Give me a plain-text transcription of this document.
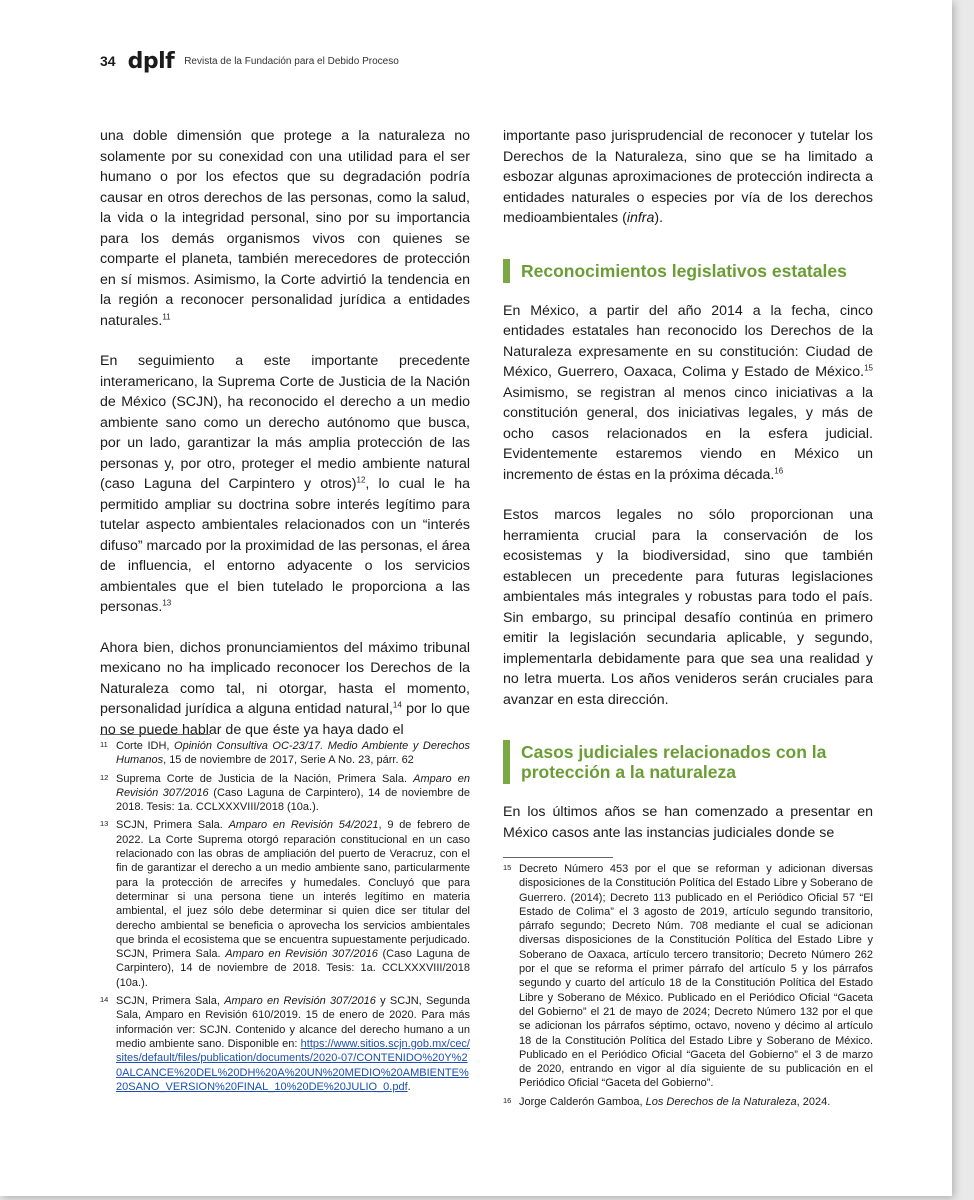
34 dplf Revista de la Fundación para el Debido Proceso

una doble dimensión que protege a la naturaleza no solamente por su conexidad con una utilidad para el ser humano o por los efectos que su degradación podría causar en otros derechos de las personas, como la salud, la vida o la integridad personal, sino por su importancia para los demás organismos vivos con quienes se comparte el planeta, también merecedores de protección en sí mismos. Asimismo, la Corte advirtió la tendencia en la región a reconocer personalidad jurídica a entidades naturales.$^{11}$

En seguimiento a este importante precedente interamericano, la Suprema Corte de Justicia de la Nación de México (SCJN), ha reconocido el derecho a un medio ambiente sano como un derecho autónomo que busca, por un lado, garantizar la más amplia protección de las personas y, por otro, proteger el medio ambiente natural (caso Laguna del Carpintero y otros)$^{12}$, lo cual le ha permitido ampliar su doctrina sobre interés legítimo para tutelar aspecto ambientales relacionados con un “interés difuso” marcado por la proximidad de las personas, el área de influencia, el entorno adyacente o los servicios ambientales que el bien tutelado le proporciona a las personas.$^{13}$

Ahora bien, dichos pronunciamientos del máximo tribunal mexicano no ha implicado reconocer los Derechos de la Naturaleza como tal, ni otorgar, hasta el momento, personalidad jurídica a alguna entidad natural,$^{14}$ por lo que no se puede hablar de que éste ya haya dado el

importante paso jurisprudencial de reconocer y tutelar los Derechos de la Naturaleza, sino que se ha limitado a esbozar algunas aproximaciones de protección indirecta a entidades naturales o especies por vía de los derechos medioambientales (infra).

Reconocimientos legislativos estatales

En México, a partir del año 2014 a la fecha, cinco entidades estatales han reconocido los Derechos de la Naturaleza expresamente en su constitución: Ciudad de México, Guerrero, Oaxaca, Colima y Estado de México.$^{15}$ Asimismo, se registran al menos cinco iniciativas a la constitución general, dos iniciativas legales, y más de ocho casos relacionados en la esfera judicial. Evidentemente estaremos viendo en México un incremento de éstas en la próxima década.$^{16}$

Estos marcos legales no sólo proporcionan una herramienta crucial para la conservación de los ecosistemas y la biodiversidad, sino que también establecen un precedente para futuras legislaciones ambientales más integrales y robustas para todo el país. Sin embargo, su principal desafío continúa en primero emitir la legislación secundaria aplicable, y segundo, implementarla debidamente para que sea una realidad y no letra muerta. Los años venideros serán cruciales para avanzar en esta dirección.

Casos judiciales relacionados con la protección a la naturaleza

En los últimos años se han comenzado a presentar en México casos ante las instancias judiciales donde se

11 Corte IDH, Opinión Consultiva OC-23/17. Medio Ambiente y Derechos Humanos, 15 de noviembre de 2017, Serie A No. 23, párr. 62
12 Suprema Corte de Justicia de la Nación, Primera Sala. Amparo en Revisión 307/2016 (Caso Laguna de Carpintero), 14 de noviembre de 2018. Tesis: 1a. CCLXXXVIII/2018 (10a.).
13 SCJN, Primera Sala. Amparo en Revisión 54/2021, 9 de febrero de 2022. La Corte Suprema otorgó reparación constitucional en un caso relacionado con las obras de ampliación del puerto de Veracruz, con el fin de garantizar el derecho a un medio ambiente sano, particularmente para la protección de arrecifes y humedales. Concluyó que para determinar si una persona tiene un interés legítimo en materia ambiental, el juez sólo debe determinar si quien dice ser titular del derecho ambiental se beneficia o aprovecha los servicios ambientales que brinda el ecosistema que se encuentra supuestamente perjudicado. SCJN, Primera Sala. Amparo en Revisión 307/2016 (Caso Laguna de Carpintero), 14 de noviembre de 2018. Tesis: 1a. CCLXXXVIII/2018 (10a.).
14 SCJN, Primera Sala, Amparo en Revisión 307/2016 y SCJN, Segunda Sala, Amparo en Revisión 610/2019. 15 de enero de 2020. Para más información ver: SCJN. Contenido y alcance del derecho humano a un medio ambiente sano. Disponible en: https://www.sitios.scjn.gob.mx/cec/sites/default/files/publication/documents/2020-07/CONTENIDO%20Y%20ALCANCE%20DEL%20DH%20A%20UN%20MEDIO%20AMBIENTE%20SANO_VERSION%20FINAL_10%20DE%20JULIO_0.pdf.
15 Decreto Número 453 por el que se reforman y adicionan diversas disposiciones de la Constitución Política del Estado Libre y Soberano de Guerrero. (2014); Decreto 113 publicado en el Periódico Oficial 57 “El Estado de Colima” el 3 agosto de 2019, artículo segundo transitorio, párrafo segundo; Decreto Núm. 708 mediante el cual se adicionan diversas disposiciones de la Constitución Política del Estado Libre y Soberano de Oaxaca, artículo tercero transitorio; Decreto Número 262 por el que se reforma el primer párrafo del artículo 5 y los párrafos segundo y cuarto del artículo 18 de la Constitución Política del Estado Libre y Soberano de México. Publicado en el Periódico Oficial “Gaceta del Gobierno” el 21 de mayo de 2024; Decreto Número 132 por el que se adicionan los párrafos séptimo, octavo, noveno y décimo al artículo 18 de la Constitución Política del Estado Libre y Soberano de México. Publicado en el Periódico Oficial “Gaceta del Gobierno” el 3 de marzo de 2020, entrando en vigor al día siguiente de su publicación en el Periódico Oficial “Gaceta del Gobierno”.
16 Jorge Calderón Gamboa, Los Derechos de la Naturaleza, 2024.
